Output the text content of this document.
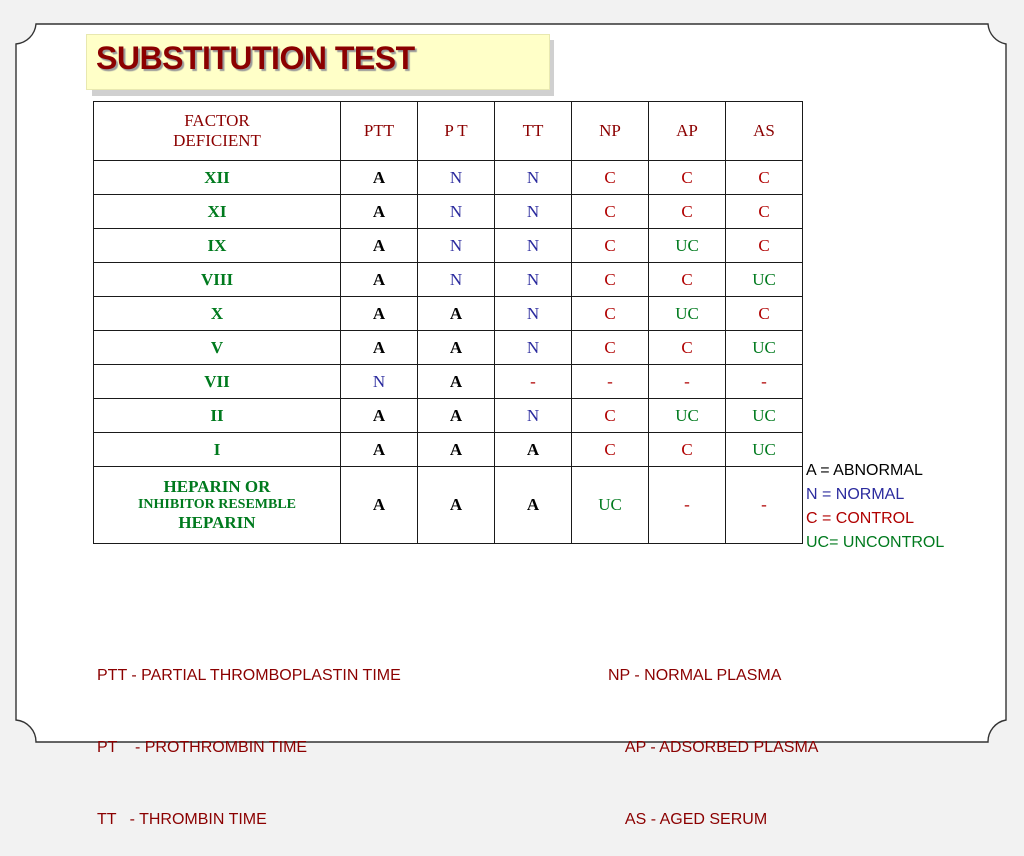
SUBSTITUTION TEST
FACTOR
DEFICIENT	PTT	P T	TT	NP	AP	AS
XII	A	N	N	C	C	C
XI	A	N	N	C	C	C
IX	A	N	N	C	UC	C
VIII	A	N	N	C	C	UC
X	A	A	N	C	UC	C
V	A	A	N	C	C	UC
VII	N	A	-	-	-	-
II	A	A	N	C	UC	UC
I	A	A	A	C	C	UC

HEPARIN OR
INHIBITOR RESEMBLE
HEPARIN	A	A	A	UC	-	-
A = ABNORMAL
N = NORMAL
C = CONTROL
UC= UNCONTROL

PTT - PARTIAL THROMBOPLASTIN TIME

PT    - PROTHROMBIN TIME

TT   - THROMBIN TIME

NP - NORMAL PLASMA

AP - ADSORBED PLASMA

AS - AGED SERUM
